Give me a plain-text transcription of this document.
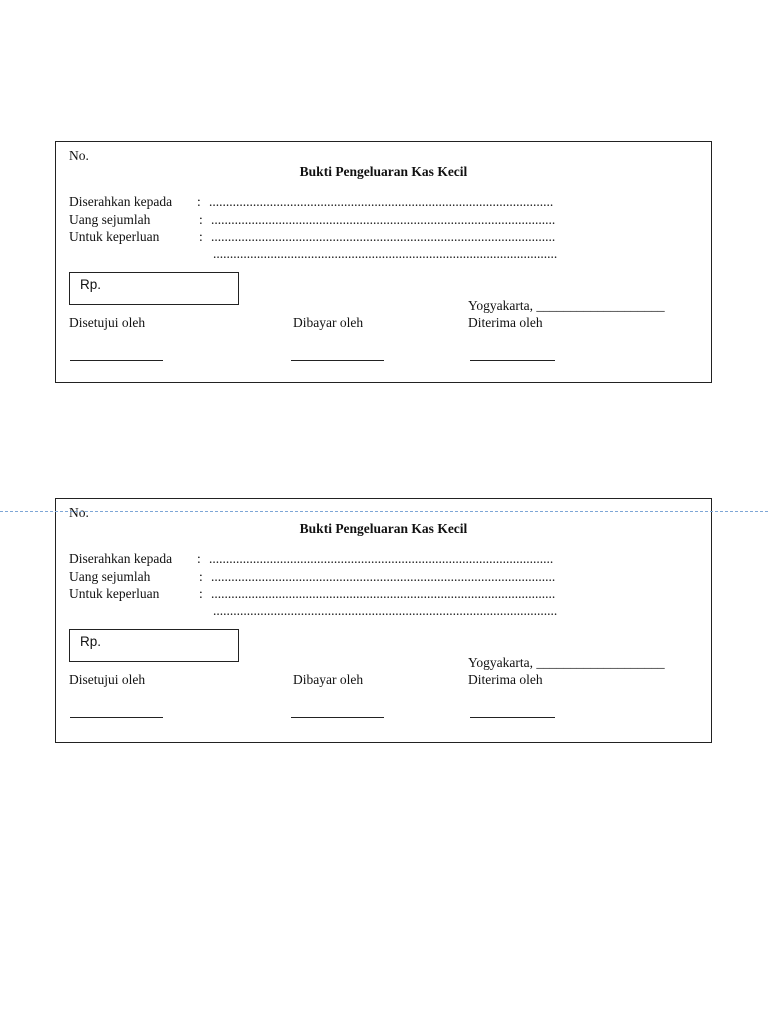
No.
Bukti Pengeluaran Kas Kecil
Diserahkan kepada : ......................................................................................................
Uang sejumlah	: ......................................................................................................
Untuk keperluan	: ......................................................................................................
......................................................................................................
Rp.
Yogyakarta, ___________________
Disetujui oleh	Dibayar oleh	Diterima oleh
No.
Bukti Pengeluaran Kas Kecil
Diserahkan kepada : ......................................................................................................
Uang sejumlah	: ......................................................................................................
Untuk keperluan	: ......................................................................................................
......................................................................................................
Rp.
Yogyakarta, ___________________
Disetujui oleh	Dibayar oleh	Diterima oleh
